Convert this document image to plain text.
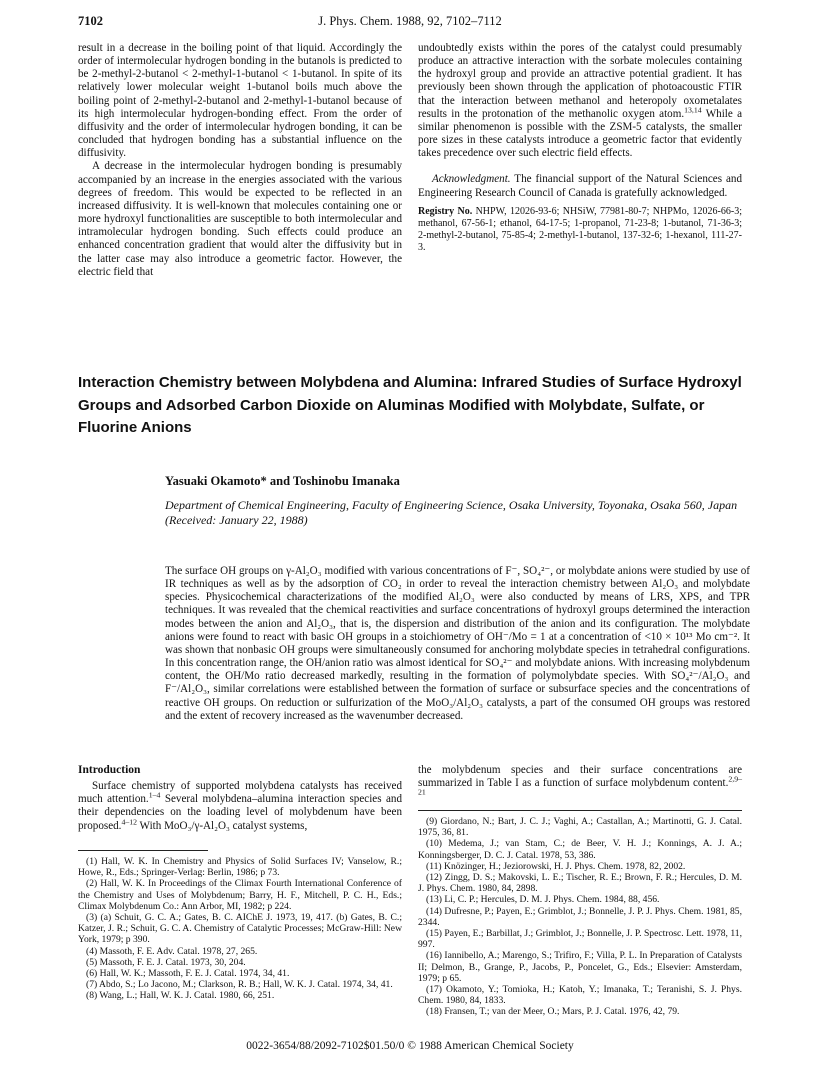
J. Phys. Chem. 1988, 92, 7102–7112
7102

result in a decrease in the boiling point of that liquid. Accordingly the order of intermolecular hydrogen bonding in the butanols is predicted to be 2-methyl-2-butanol < 2-methyl-1-butanol < 1-butanol. In spite of its relatively lower molecular weight 1-butanol boils much above the boiling point of 2-methyl-2-butanol and 2-methyl-1-butanol because of its high intermolecular hydrogen-bonding effect. From the order of diffusivity and the order of intermolecular hydrogen bonding, it can be concluded that hydrogen bonding has a substantial influence on the diffusivity.

A decrease in the intermolecular hydrogen bonding is presumably accompanied by an increase in the energies associated with the various degrees of freedom. This would be expected to be reflected in an increased diffusivity. It is well-known that molecules containing one or more hydroxyl functionalities are susceptible to both intermolecular and intramolecular hydrogen bonding. Such effects could produce an enhanced concentration gradient that would alter the diffusivity but in the latter case may also introduce a geometric factor. However, the electric field that

undoubtedly exists within the pores of the catalyst could presumably produce an attractive interaction with the sorbate molecules containing the hydroxyl group and provide an attractive potential gradient. It has previously been shown through the application of photoacoustic FTIR that the interaction between methanol and heteropoly oxometalates results in the protonation of the methanolic oxygen atom.$^{13,14}$ While a similar phenomenon is possible with the ZSM-5 catalysts, the smaller pore sizes in these catalysts introduce a geometric factor that evidently takes precedence over such electric field effects.

Acknowledgment. The financial support of the Natural Sciences and Engineering Research Council of Canada is gratefully acknowledged.

Registry No. NHPW, 12026-93-6; NHSiW, 77981-80-7; NHPMo, 12026-66-3; methanol, 67-56-1; ethanol, 64-17-5; 1-propanol, 71-23-8; 1-butanol, 71-36-3; 2-methyl-2-butanol, 75-85-4; 2-methyl-1-butanol, 137-32-6; 1-hexanol, 111-27-3.

Interaction Chemistry between Molybdena and Alumina: Infrared Studies of Surface Hydroxyl Groups and Adsorbed Carbon Dioxide on Aluminas Modified with Molybdate, Sulfate, or Fluorine Anions
Yasuaki Okamoto* and Toshinobu Imanaka
Department of Chemical Engineering, Faculty of Engineering Science, Osaka University, Toyonaka, Osaka 560, Japan (Received: January 22, 1988)
The surface OH groups on γ-Al₂O₃ modified with various concentrations of F⁻, SO₄²⁻, or molybdate anions were studied by use of IR techniques as well as by the adsorption of CO₂ in order to reveal the interaction chemistry between Al₂O₃ and molybdate species. Physicochemical characterizations of the modified Al₂O₃ were also conducted by means of LRS, XPS, and TPR techniques. It was revealed that the chemical reactivities and surface concentrations of hydroxyl groups determined the interaction modes between the anion and Al₂O₃, that is, the dispersion and distribution of the anion and its configuration. The molybdate anions were found to react with basic OH groups in a stoichiometry of OH⁻/Mo = 1 at a concentration of <10 × 10¹³ Mo cm⁻². It was shown that nonbasic OH groups were simultaneously consumed for anchoring molybdate species in tetrahedral configurations. In this concentration range, the OH/anion ratio was almost identical for SO₄²⁻ and molybdate anions. With increasing molybdenum content, the OH/Mo ratio decreased markedly, resulting in the formation of polymolybdate species. With SO₄²⁻/Al₂O₃ and F⁻/Al₂O₃, similar correlations were established between the formation of surface or subsurface species and the concentrations of reactive OH groups. On reduction or sulfurization of the MoO₃/Al₂O₃ catalysts, a part of the consumed OH groups was restored and the extent of recovery increased as the wavenumber decreased.

Introduction

Surface chemistry of supported molybdena catalysts has received much attention.$^{1-4}$ Several molybdena–alumina interaction species and their dependencies on the loading level of molybdenum have been proposed.$^{4-12}$ With MoO₃/γ-Al₂O₃ catalyst systems,

the molybdenum species and their surface concentrations are summarized in Table I as a function of surface molybdenum content.$^{2,9-21}$

(1) Hall, W. K. In Chemistry and Physics of Solid Surfaces IV; Vanselow, R.; Howe, R., Eds.; Springer-Verlag: Berlin, 1986; p 73.
(2) Hall, W. K. In Proceedings of the Climax Fourth International Conference of the Chemistry and Uses of Molybdenum; Barry, H. F., Mitchell, P. C. H., Eds.; Climax Molybdenum Co.: Ann Arbor, MI, 1982; p 224.
(3) (a) Schuit, G. C. A.; Gates, B. C. AIChE J. 1973, 19, 417. (b) Gates, B. C.; Katzer, J. R.; Schuit, G. C. A. Chemistry of Catalytic Processes; McGraw-Hill: New York, 1979; p 390.
(4) Massoth, F. E. Adv. Catal. 1978, 27, 265.
(5) Massoth, F. E. J. Catal. 1973, 30, 204.
(6) Hall, W. K.; Massoth, F. E. J. Catal. 1974, 34, 41.
(7) Abdo, S.; Lo Jacono, M.; Clarkson, R. B.; Hall, W. K. J. Catal. 1974, 34, 41.
(8) Wang, L.; Hall, W. K. J. Catal. 1980, 66, 251.
(9) Giordano, N.; Bart, J. C. J.; Vaghi, A.; Castallan, A.; Martinotti, G. J. Catal. 1975, 36, 81.
(10) Medema, J.; van Stam, C.; de Beer, V. H. J.; Konnings, A. J. A.; Konningsberger, D. C. J. Catal. 1978, 53, 386.
(11) Knözinger, H.; Jeziorowski, H. J. Phys. Chem. 1978, 82, 2002.
(12) Zingg, D. S.; Makovski, L. E.; Tischer, R. E.; Brown, F. R.; Hercules, D. M. J. Phys. Chem. 1980, 84, 2898.
(13) Li, C. P.; Hercules, D. M. J. Phys. Chem. 1984, 88, 456.
(14) Dufresne, P.; Payen, E.; Grimblot, J.; Bonnelle, J. P. J. Phys. Chem. 1981, 85, 2344.
(15) Payen, E.; Barbillat, J.; Grimblot, J.; Bonnelle, J. P. Spectrosc. Lett. 1978, 11, 997.
(16) Iannibello, A.; Marengo, S.; Trifiro, F.; Villa, P. L. In Preparation of Catalysts II; Delmon, B., Grange, P., Jacobs, P., Poncelet, G., Eds.; Elsevier: Amsterdam, 1979; p 65.
(17) Okamoto, Y.; Tomioka, H.; Katoh, Y.; Imanaka, T.; Teranishi, S. J. Phys. Chem. 1980, 84, 1833.
(18) Fransen, T.; van der Meer, O.; Mars, P. J. Catal. 1976, 42, 79.
0022-3654/88/2092-7102$01.50/0 © 1988 American Chemical Society
